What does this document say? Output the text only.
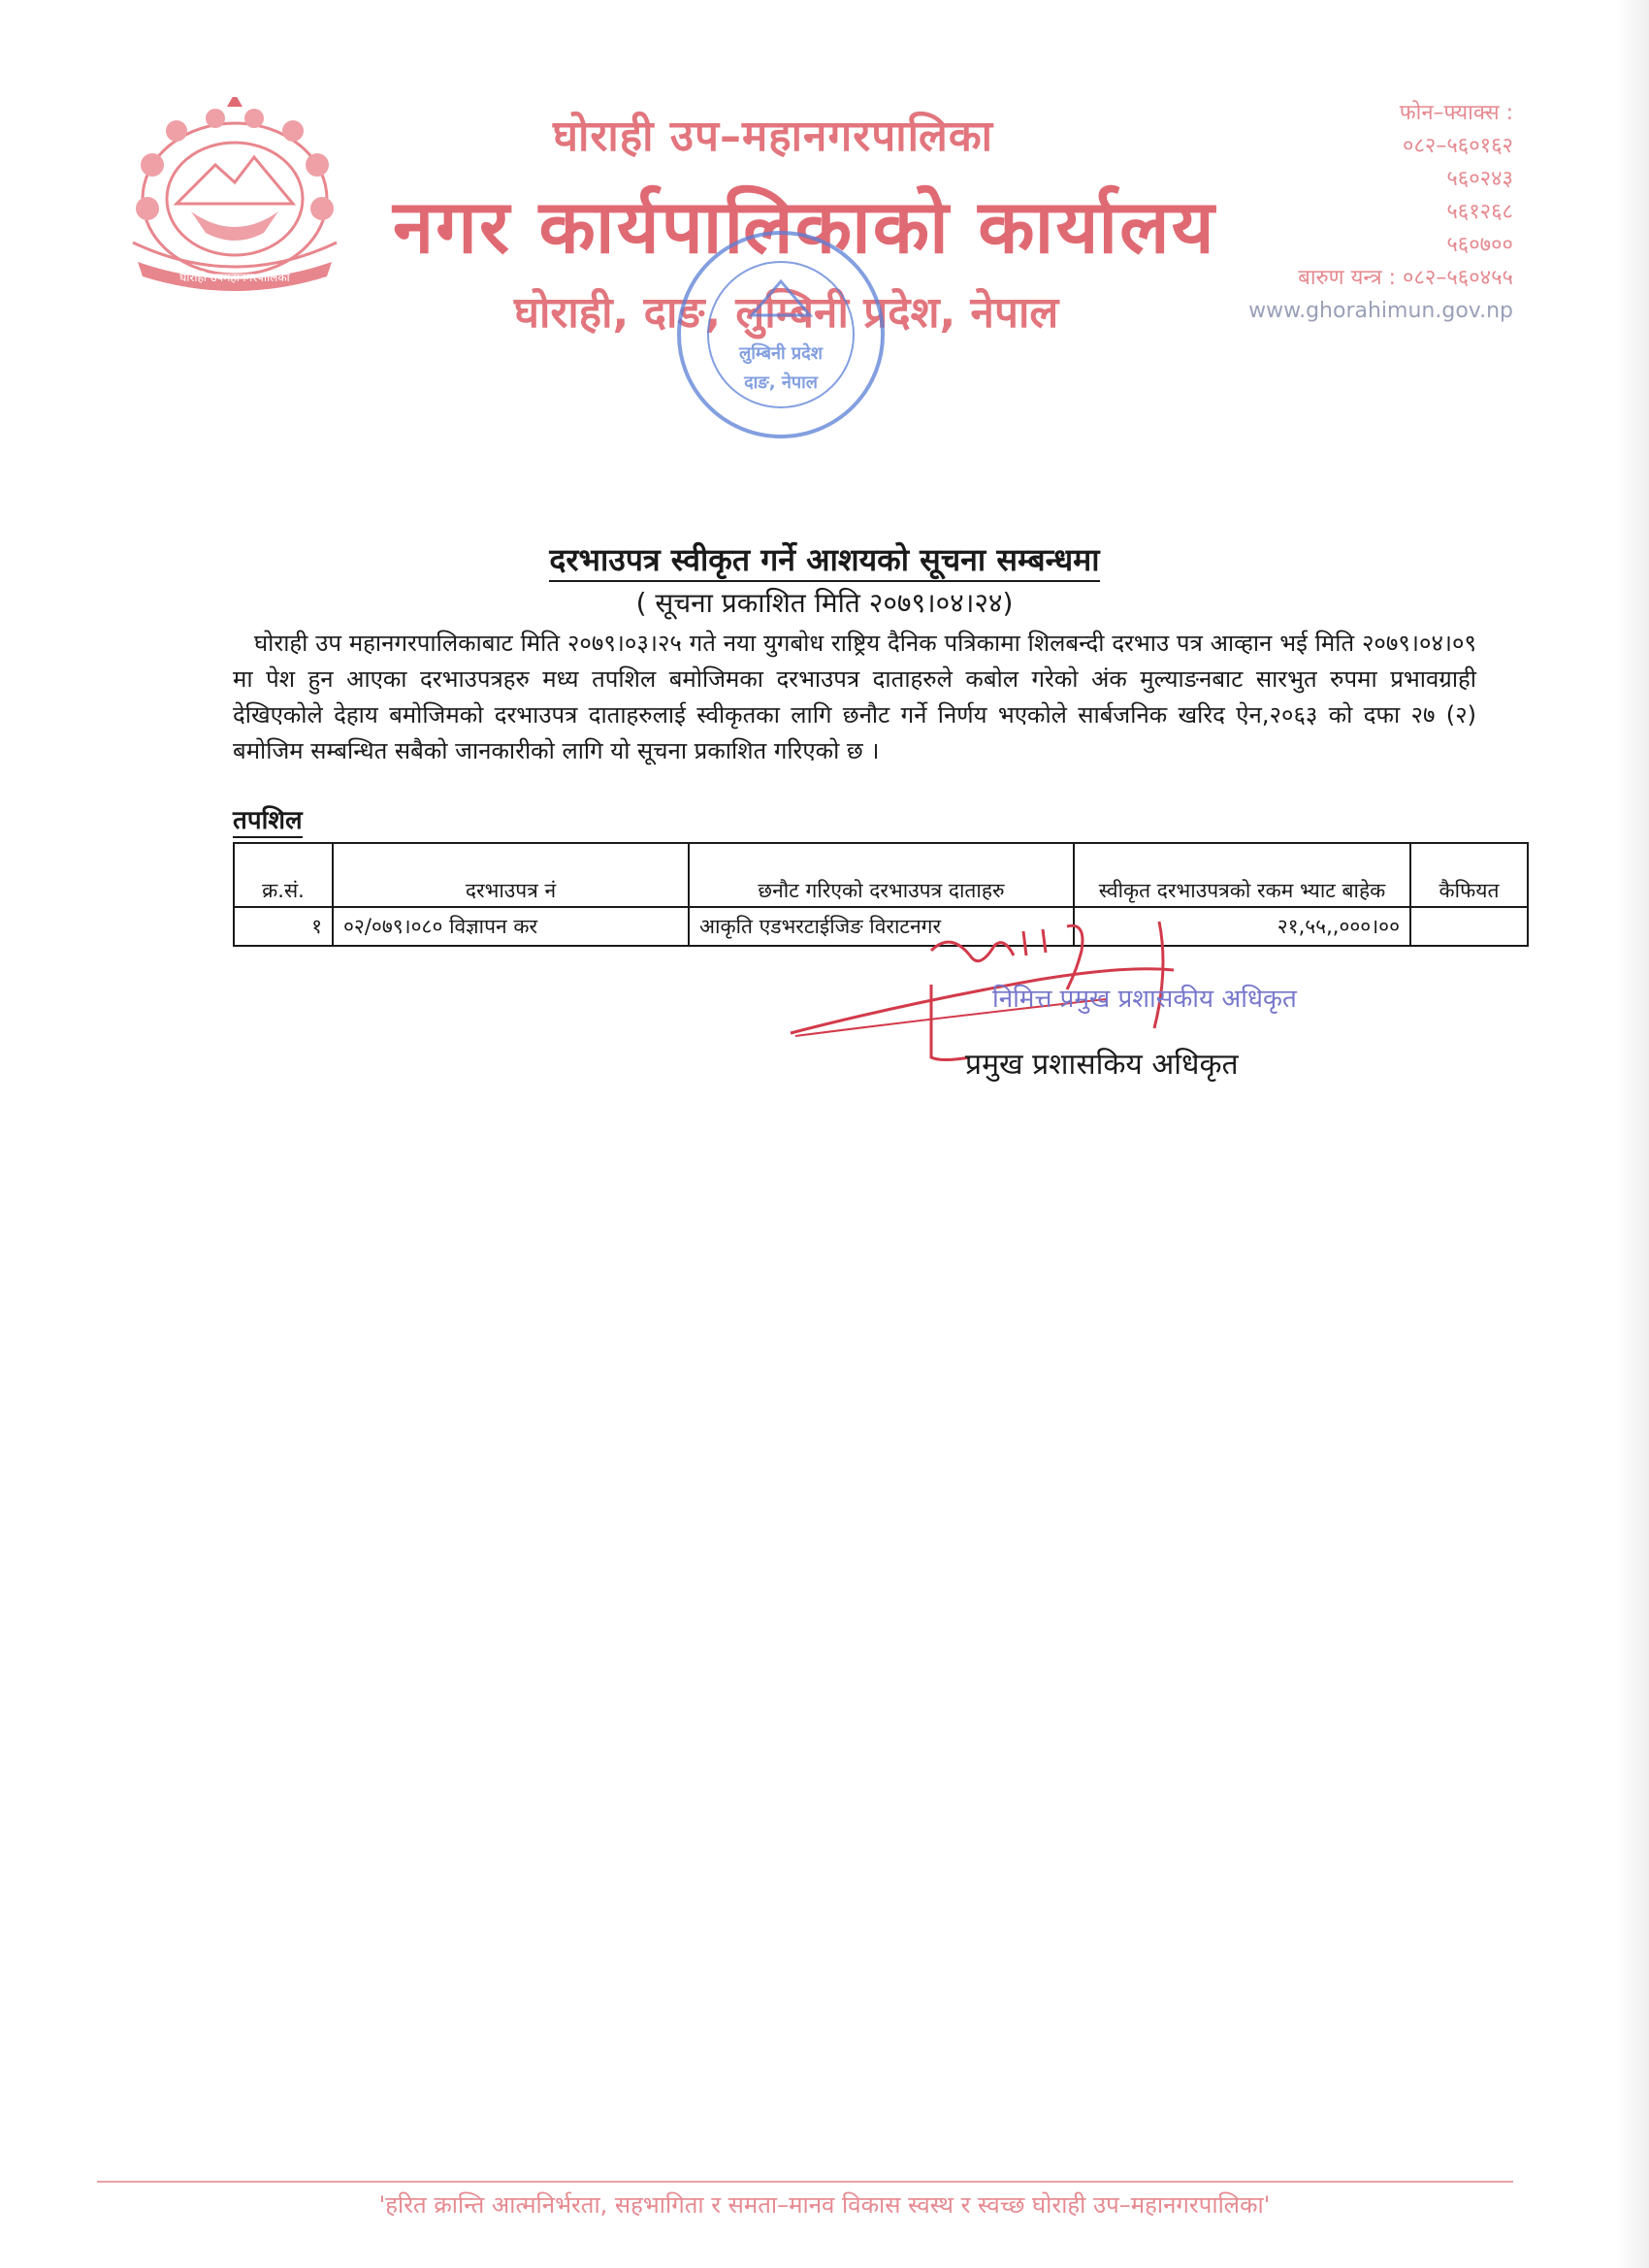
घोराही उपमहानगरपालिका
घोराही उप–महानगरपालिका
नगर कार्यपालिकाको कार्यालय
घोराही, दाङ, लुम्बिनी प्रदेश, नेपाल
फोन–फ्याक्स :
०८२–५६०१६२
५६०२४३
५६१२६८
५६०७००
बारुण यन्त्र : ०८२–५६०४५५
www.ghorahimun.gov.np
लुम्बिनी प्रदेश
दाङ, नेपाल
दरभाउपत्र स्वीकृत गर्ने आशयको सूचना सम्बन्धमा
( सूचना प्रकाशित मिति २०७९।०४।२४)
घोराही उप महानगरपालिकाबाट मिति २०७९।०३।२५ गते नया युगबोध राष्ट्रिय दैनिक पत्रिकामा शिलबन्दी दरभाउ पत्र आव्हान भई मिति २०७९।०४।०९ मा पेश हुन आएका दरभाउपत्रहरु मध्य तपशिल बमोजिमका दरभाउपत्र दाताहरुले कबोल गरेको अंक मुल्याङनबाट सारभुत रुपमा प्रभावग्राही देखिएकोले देहाय बमोजिमको दरभाउपत्र दाताहरुलाई स्वीकृतका लागि छनौट गर्ने निर्णय भएकोले सार्बजनिक खरिद ऐन,२०६३ को दफा २७ (२) बमोजिम सम्बन्धित सबैको जानकारीको लागि यो सूचना प्रकाशित गरिएको छ ।
तपशिल
क्र.सं.	दरभाउपत्र नं	छनौट गरिएको दरभाउपत्र दाताहरु	स्वीकृत दरभाउपत्रको रकम भ्याट बाहेक	कैफियत
१	०२/०७९।०८० विज्ञापन कर	आकृति एडभरटाईजिङ विराटनगर	२१,५५,,०००।००	
निमित्त प्रमुख प्रशासकीय अधिकृत
प्रमुख प्रशासकिय अधिकृत
'हरित क्रान्ति आत्मनिर्भरता, सहभागिता र समता–मानव विकास स्वस्थ र स्वच्छ घोराही उप–महानगरपालिका'
